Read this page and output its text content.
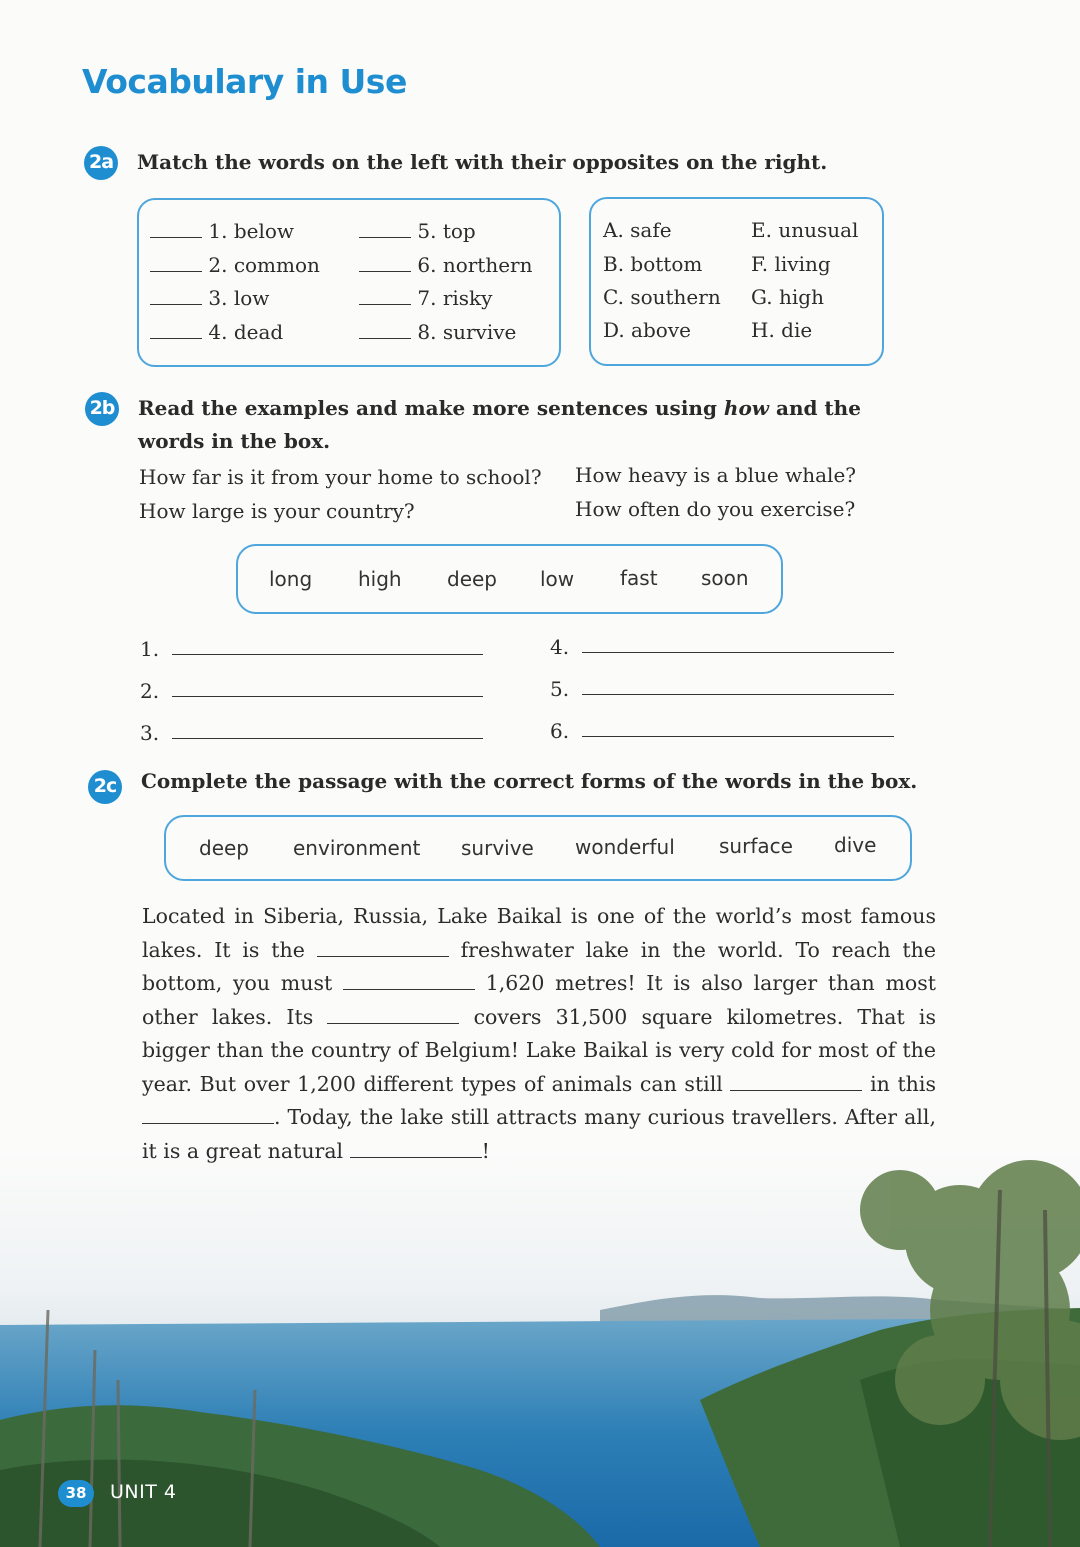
Vocabulary in Use
2a Match the words on the left with their opposites on the right.
1. below
2. common
3. low
4. dead
5. top
6. northern
7. risky
8. survive
A. safe
B. bottom
C. southern
D. above
E. unusual
F. living
G. high
H. die
2b Read the examples and make more sentences using how and the words in the box.
How far is it from your home to school?
How large is your country?
How heavy is a blue whale?
How often do you exercise?
long high deep low fast soon
1.
2.
3.
4.
5.
6.
2c Complete the passage with the correct forms of the words in the box.
deep environment survive wonderful surface dive
Located in Siberia, Russia, Lake Baikal is one of the world’s most famous lakes. It is the	freshwater lake in the world. To reach the bottom, you must	1,620 metres! It is also larger than most other lakes. Its	covers 31,500 square kilometres. That is bigger than the country of Belgium! Lake Baikal is very cold for most of the year. But over 1,200 different types of animals can still	in this . Today, the lake still attracts many curious travellers. After all, it is a great natural	!
38	UNIT 4
